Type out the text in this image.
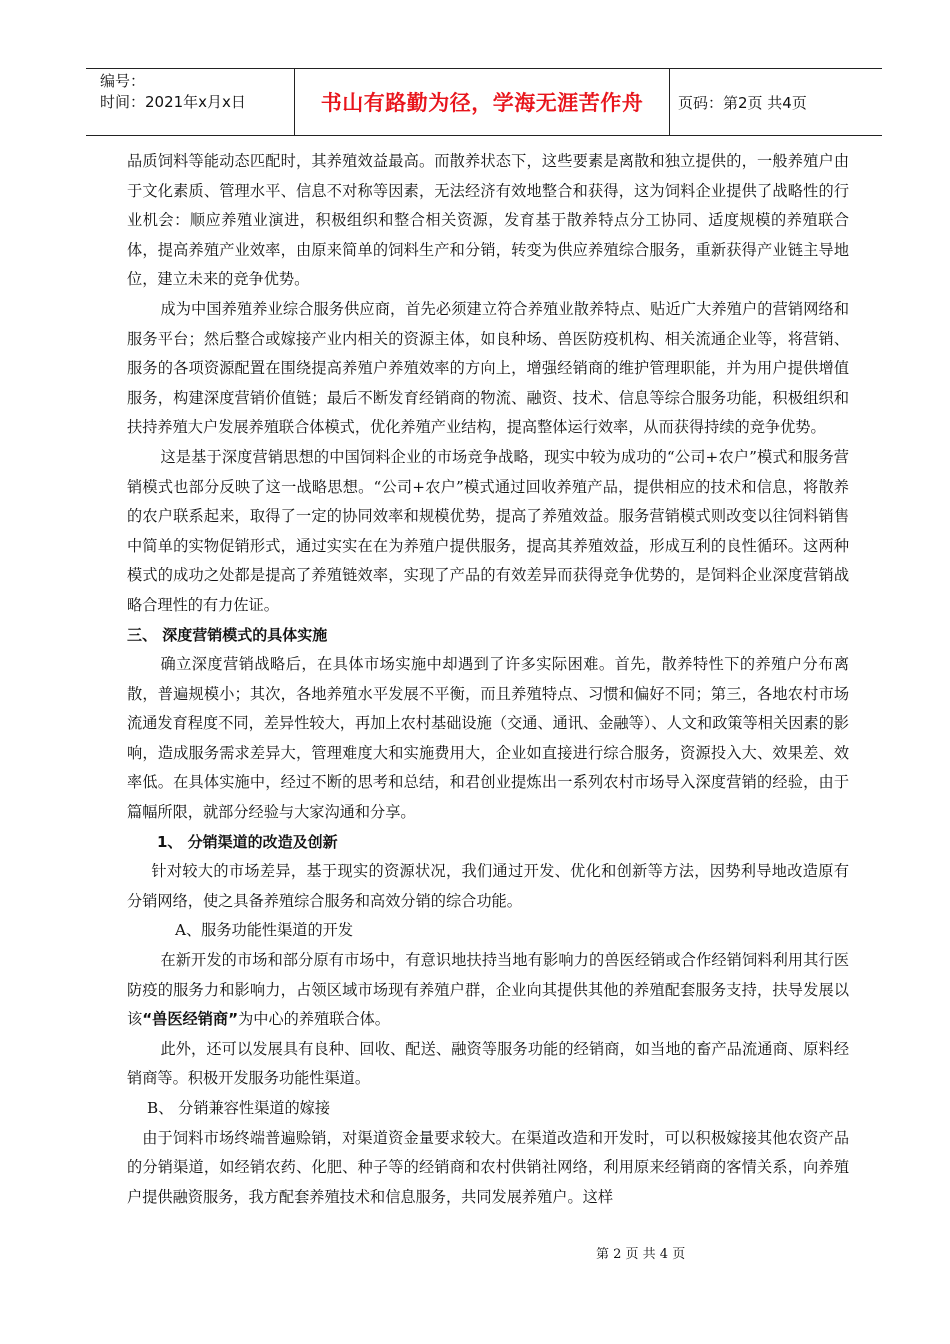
编号：
时间：2021年x月x日	书山有路勤为径，学海无涯苦作舟	页码：第2页 共4页

品质饲料等能动态匹配时，其养殖效益最高。而散养状态下，这些要素是离散和独立提供的，一般养殖户由于文化素质、管理水平、信息不对称等因素，无法经济有效地整合和获得，这为饲料企业提供了战略性的行业机会：顺应养殖业演进，积极组织和整合相关资源，发育基于散养特点分工协同、适度规模的养殖联合体，提高养殖产业效率，由原来简单的饲料生产和分销，转变为供应养殖综合服务，重新获得产业链主导地位，建立未来的竞争优势。

成为中国养殖养业综合服务供应商，首先必须建立符合养殖业散养特点、贴近广大养殖户的营销网络和服务平台；然后整合或嫁接产业内相关的资源主体，如良种场、兽医防疫机构、相关流通企业等，将营销、服务的各项资源配置在围绕提高养殖户养殖效率的方向上，增强经销商的维护管理职能，并为用户提供增值服务，构建深度营销价值链；最后不断发育经销商的物流、融资、技术、信息等综合服务功能，积极组织和扶持养殖大户发展养殖联合体模式，优化养殖产业结构，提高整体运行效率，从而获得持续的竞争优势。

这是基于深度营销思想的中国饲料企业的市场竞争战略，现实中较为成功的“公司+农户”模式和服务营销模式也部分反映了这一战略思想。“公司+农户”模式通过回收养殖产品，提供相应的技术和信息，将散养的农户联系起来，取得了一定的协同效率和规模优势，提高了养殖效益。服务营销模式则改变以往饲料销售中简单的实物促销形式，通过实实在在为养殖户提供服务，提高其养殖效益，形成互利的良性循环。这两种模式的成功之处都是提高了养殖链效率，实现了产品的有效差异而获得竞争优势的，是饲料企业深度营销战略合理性的有力佐证。

三、 深度营销模式的具体实施

确立深度营销战略后，在具体市场实施中却遇到了许多实际困难。首先，散养特性下的养殖户分布离散，普遍规模小；其次，各地养殖水平发展不平衡，而且养殖特点、习惯和偏好不同；第三，各地农村市场流通发育程度不同，差异性较大，再加上农村基础设施（交通、通讯、金融等）、人文和政策等相关因素的影响，造成服务需求差异大，管理难度大和实施费用大，企业如直接进行综合服务，资源投入大、效果差、效率低。在具体实施中，经过不断的思考和总结，和君创业提炼出一系列农村市场导入深度营销的经验，由于篇幅所限，就部分经验与大家沟通和分享。

1、 分销渠道的改造及创新

针对较大的市场差异，基于现实的资源状况，我们通过开发、优化和创新等方法，因势利导地改造原有分销网络，使之具备养殖综合服务和高效分销的综合功能。

A、服务功能性渠道的开发

在新开发的市场和部分原有市场中，有意识地扶持当地有影响力的兽医经销或合作经销饲料利用其行医防疫的服务力和影响力，占领区域市场现有养殖户群，企业向其提供其他的养殖配套服务支持，扶导发展以该“兽医经销商”为中心的养殖联合体。

此外，还可以发展具有良种、回收、配送、融资等服务功能的经销商，如当地的畜产品流通商、原料经销商等。积极开发服务功能性渠道。

B、 分销兼容性渠道的嫁接

由于饲料市场终端普遍赊销，对渠道资金量要求较大。在渠道改造和开发时，可以积极嫁接其他农资产品的分销渠道，如经销农药、化肥、种子等的经销商和农村供销社网络，利用原来经销商的客情关系，向养殖户提供融资服务，我方配套养殖技术和信息服务，共同发展养殖户。这样

第 2 页 共 4 页
